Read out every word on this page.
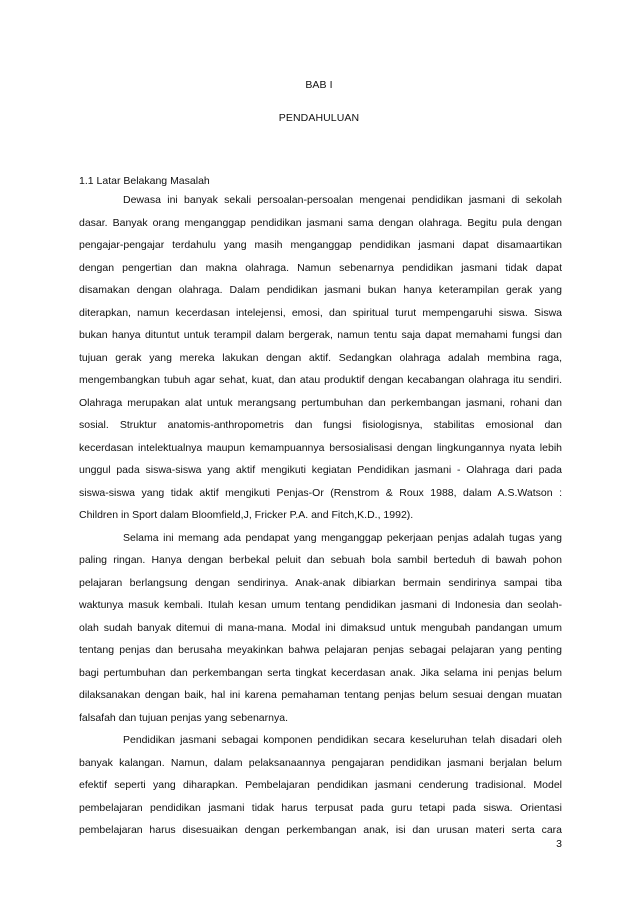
BAB I
PENDAHULUAN
1.1 Latar Belakang Masalah
Dewasa ini banyak sekali persoalan-persoalan mengenai pendidikan jasmani di sekolah
dasar. Banyak orang menganggap pendidikan jasmani sama dengan olahraga. Begitu pula dengan
pengajar-pengajar terdahulu yang masih menganggap pendidikan jasmani dapat disamaartikan
dengan pengertian dan makna olahraga. Namun sebenarnya pendidikan jasmani tidak dapat
disamakan dengan olahraga. Dalam pendidikan jasmani bukan hanya keterampilan gerak yang
diterapkan, namun kecerdasan intelejensi, emosi, dan spiritual turut mempengaruhi siswa. Siswa
bukan hanya dituntut untuk terampil dalam bergerak, namun tentu saja dapat memahami fungsi dan
tujuan gerak yang mereka lakukan dengan aktif. Sedangkan olahraga adalah membina raga,
mengembangkan tubuh agar sehat, kuat, dan atau produktif dengan kecabangan olahraga itu sendiri.
Olahraga merupakan alat untuk merangsang pertumbuhan dan perkembangan jasmani, rohani dan
sosial. Struktur anatomis-anthropometris dan fungsi fisiologisnya, stabilitas emosional dan
kecerdasan intelektualnya maupun kemampuannya bersosialisasi dengan lingkungannya nyata lebih
unggul pada siswa-siswa yang aktif mengikuti kegiatan Pendidikan jasmani - Olahraga dari pada
siswa-siswa yang tidak aktif mengikuti Penjas-Or (Renstrom & Roux 1988, dalam A.S.Watson :
Children in Sport dalam Bloomfield,J, Fricker P.A. and Fitch,K.D., 1992).
Selama ini memang ada pendapat yang menganggap pekerjaan penjas adalah tugas yang
paling ringan. Hanya dengan berbekal peluit dan sebuah bola sambil berteduh di bawah pohon
pelajaran berlangsung dengan sendirinya. Anak-anak dibiarkan bermain sendirinya sampai tiba
waktunya masuk kembali. Itulah kesan umum tentang pendidikan jasmani di Indonesia dan seolah-
olah sudah banyak ditemui di mana-mana. Modal ini dimaksud untuk mengubah pandangan umum
tentang penjas dan berusaha meyakinkan bahwa pelajaran penjas sebagai pelajaran yang penting
bagi pertumbuhan dan perkembangan serta tingkat kecerdasan anak. Jika selama ini penjas belum
dilaksanakan dengan baik, hal ini karena pemahaman tentang penjas belum sesuai dengan muatan
falsafah dan tujuan penjas yang sebenarnya.
Pendidikan jasmani sebagai komponen pendidikan secara keseluruhan telah disadari oleh
banyak kalangan. Namun, dalam pelaksanaannya pengajaran pendidikan jasmani berjalan belum
efektif seperti yang diharapkan. Pembelajaran pendidikan jasmani cenderung tradisional. Model
pembelajaran pendidikan jasmani tidak harus terpusat pada guru tetapi pada siswa. Orientasi
pembelajaran harus disesuaikan dengan perkembangan anak, isi dan urusan materi serta cara
3
